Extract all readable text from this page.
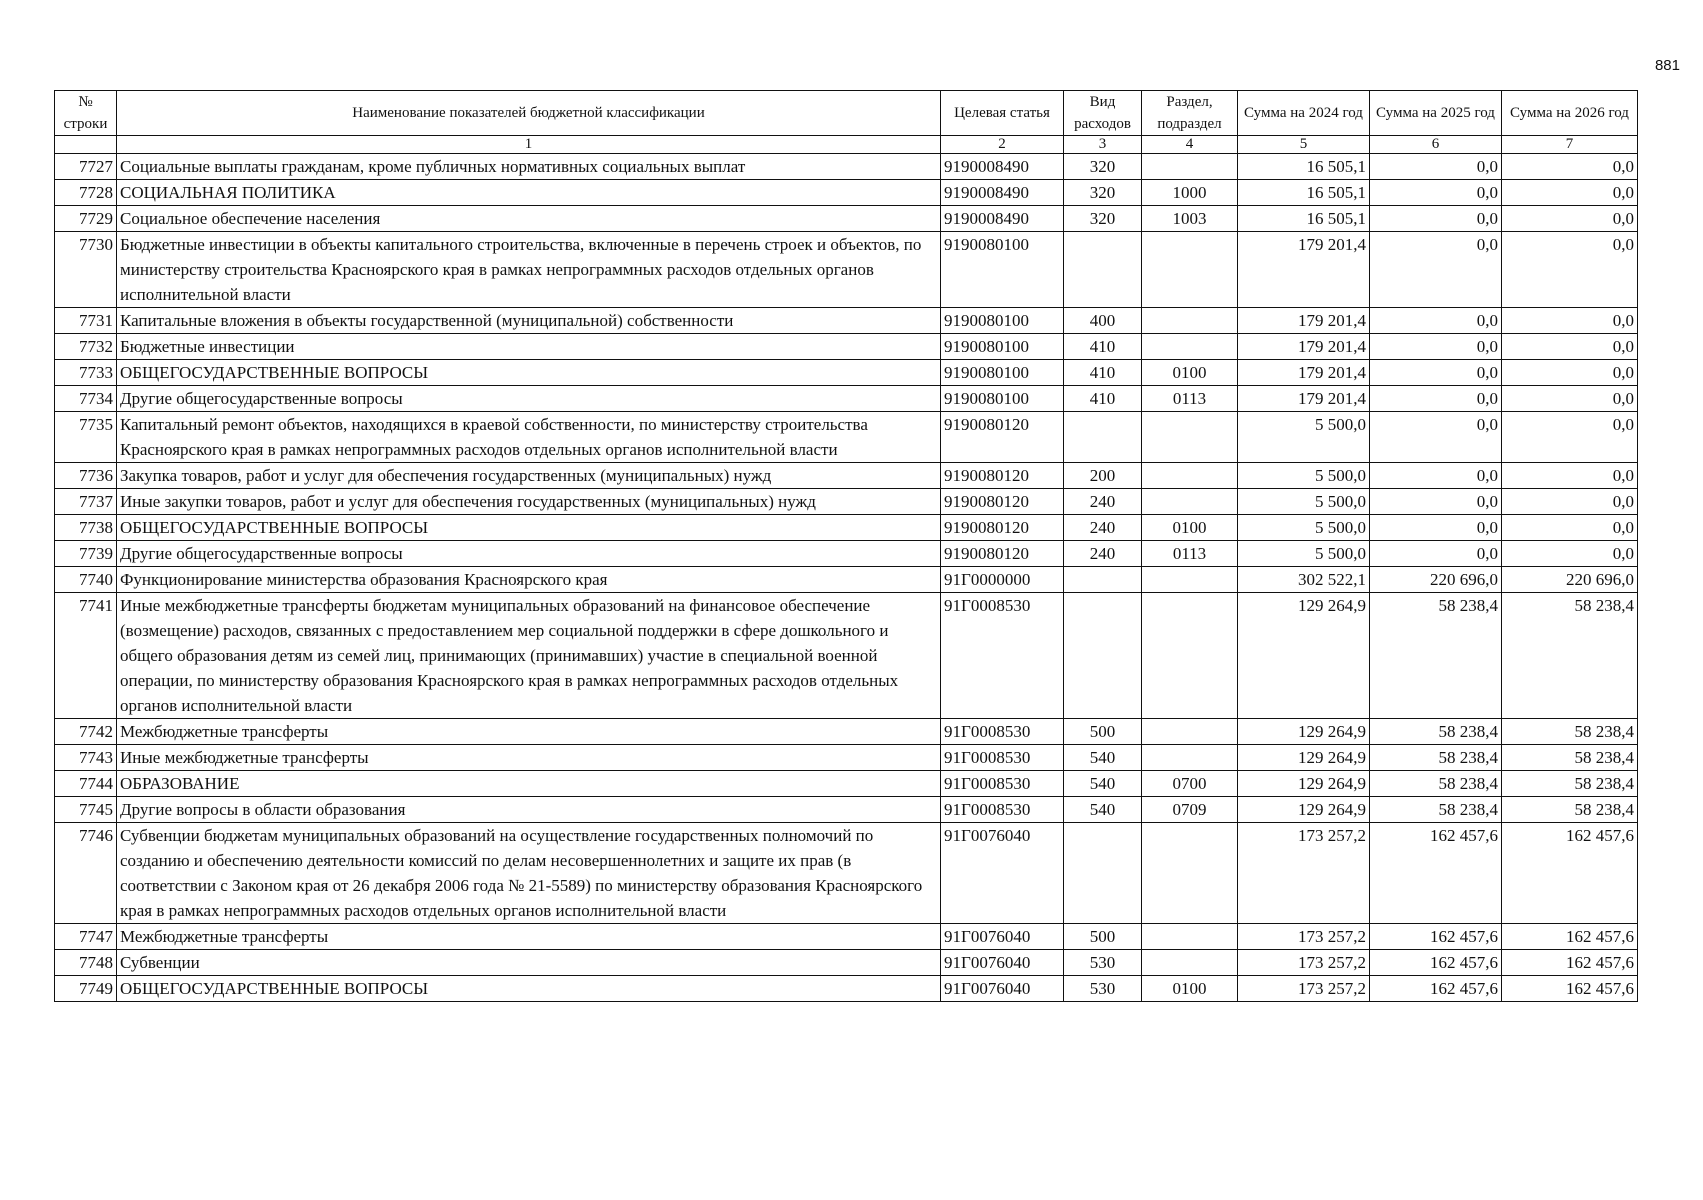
881
№ строки	Наименование показателей бюджетной классификации	Целевая статья	Вид расходов	Раздел, подраздел	Сумма на 2024 год	Сумма на 2025 год	Сумма на 2026 год
	1	2	3	4	5	6	7
7727	Социальные выплаты гражданам, кроме публичных нормативных социальных выплат	9190008490	320		16 505,1	0,0	0,0
7728	СОЦИАЛЬНАЯ ПОЛИТИКА	9190008490	320	1000	16 505,1	0,0	0,0
7729	Социальное обеспечение населения	9190008490	320	1003	16 505,1	0,0	0,0
7730	Бюджетные инвестиции в объекты капитального строительства, включенные в перечень строек и объектов, по министерству строительства Красноярского края в рамках непрограммных расходов отдельных органов исполнительной власти	9190080100			179 201,4	0,0	0,0
7731	Капитальные вложения в объекты государственной (муниципальной) собственности	9190080100	400		179 201,4	0,0	0,0
7732	Бюджетные инвестиции	9190080100	410		179 201,4	0,0	0,0
7733	ОБЩЕГОСУДАРСТВЕННЫЕ ВОПРОСЫ	9190080100	410	0100	179 201,4	0,0	0,0
7734	Другие общегосударственные вопросы	9190080100	410	0113	179 201,4	0,0	0,0
7735	Капитальный ремонт объектов, находящихся в краевой собственности, по министерству строительства Красноярского края в рамках непрограммных расходов отдельных органов исполнительной власти	9190080120			5 500,0	0,0	0,0
7736	Закупка товаров, работ и услуг для обеспечения государственных (муниципальных) нужд	9190080120	200		5 500,0	0,0	0,0
7737	Иные закупки товаров, работ и услуг для обеспечения государственных (муниципальных) нужд	9190080120	240		5 500,0	0,0	0,0
7738	ОБЩЕГОСУДАРСТВЕННЫЕ ВОПРОСЫ	9190080120	240	0100	5 500,0	0,0	0,0
7739	Другие общегосударственные вопросы	9190080120	240	0113	5 500,0	0,0	0,0
7740	Функционирование министерства образования Красноярского края	91Г0000000			302 522,1	220 696,0	220 696,0
7741	Иные межбюджетные трансферты бюджетам муниципальных образований на финансовое обеспечение (возмещение) расходов, связанных с предоставлением мер социальной поддержки в сфере дошкольного и общего образования детям из семей лиц, принимающих (принимавших) участие в специальной военной операции, по министерству образования Красноярского края в рамках непрограммных расходов отдельных органов исполнительной власти	91Г0008530			129 264,9	58 238,4	58 238,4
7742	Межбюджетные трансферты	91Г0008530	500		129 264,9	58 238,4	58 238,4
7743	Иные межбюджетные трансферты	91Г0008530	540		129 264,9	58 238,4	58 238,4
7744	ОБРАЗОВАНИЕ	91Г0008530	540	0700	129 264,9	58 238,4	58 238,4
7745	Другие вопросы в области образования	91Г0008530	540	0709	129 264,9	58 238,4	58 238,4
7746	Субвенции бюджетам муниципальных образований на осуществление государственных полномочий по созданию и обеспечению деятельности комиссий по делам несовершеннолетних и защите их прав (в соответствии с Законом края от 26 декабря 2006 года № 21-5589) по министерству образования Красноярского края в рамках непрограммных расходов отдельных органов исполнительной власти	91Г0076040			173 257,2	162 457,6	162 457,6
7747	Межбюджетные трансферты	91Г0076040	500		173 257,2	162 457,6	162 457,6
7748	Субвенции	91Г0076040	530		173 257,2	162 457,6	162 457,6
7749	ОБЩЕГОСУДАРСТВЕННЫЕ ВОПРОСЫ	91Г0076040	530	0100	173 257,2	162 457,6	162 457,6
